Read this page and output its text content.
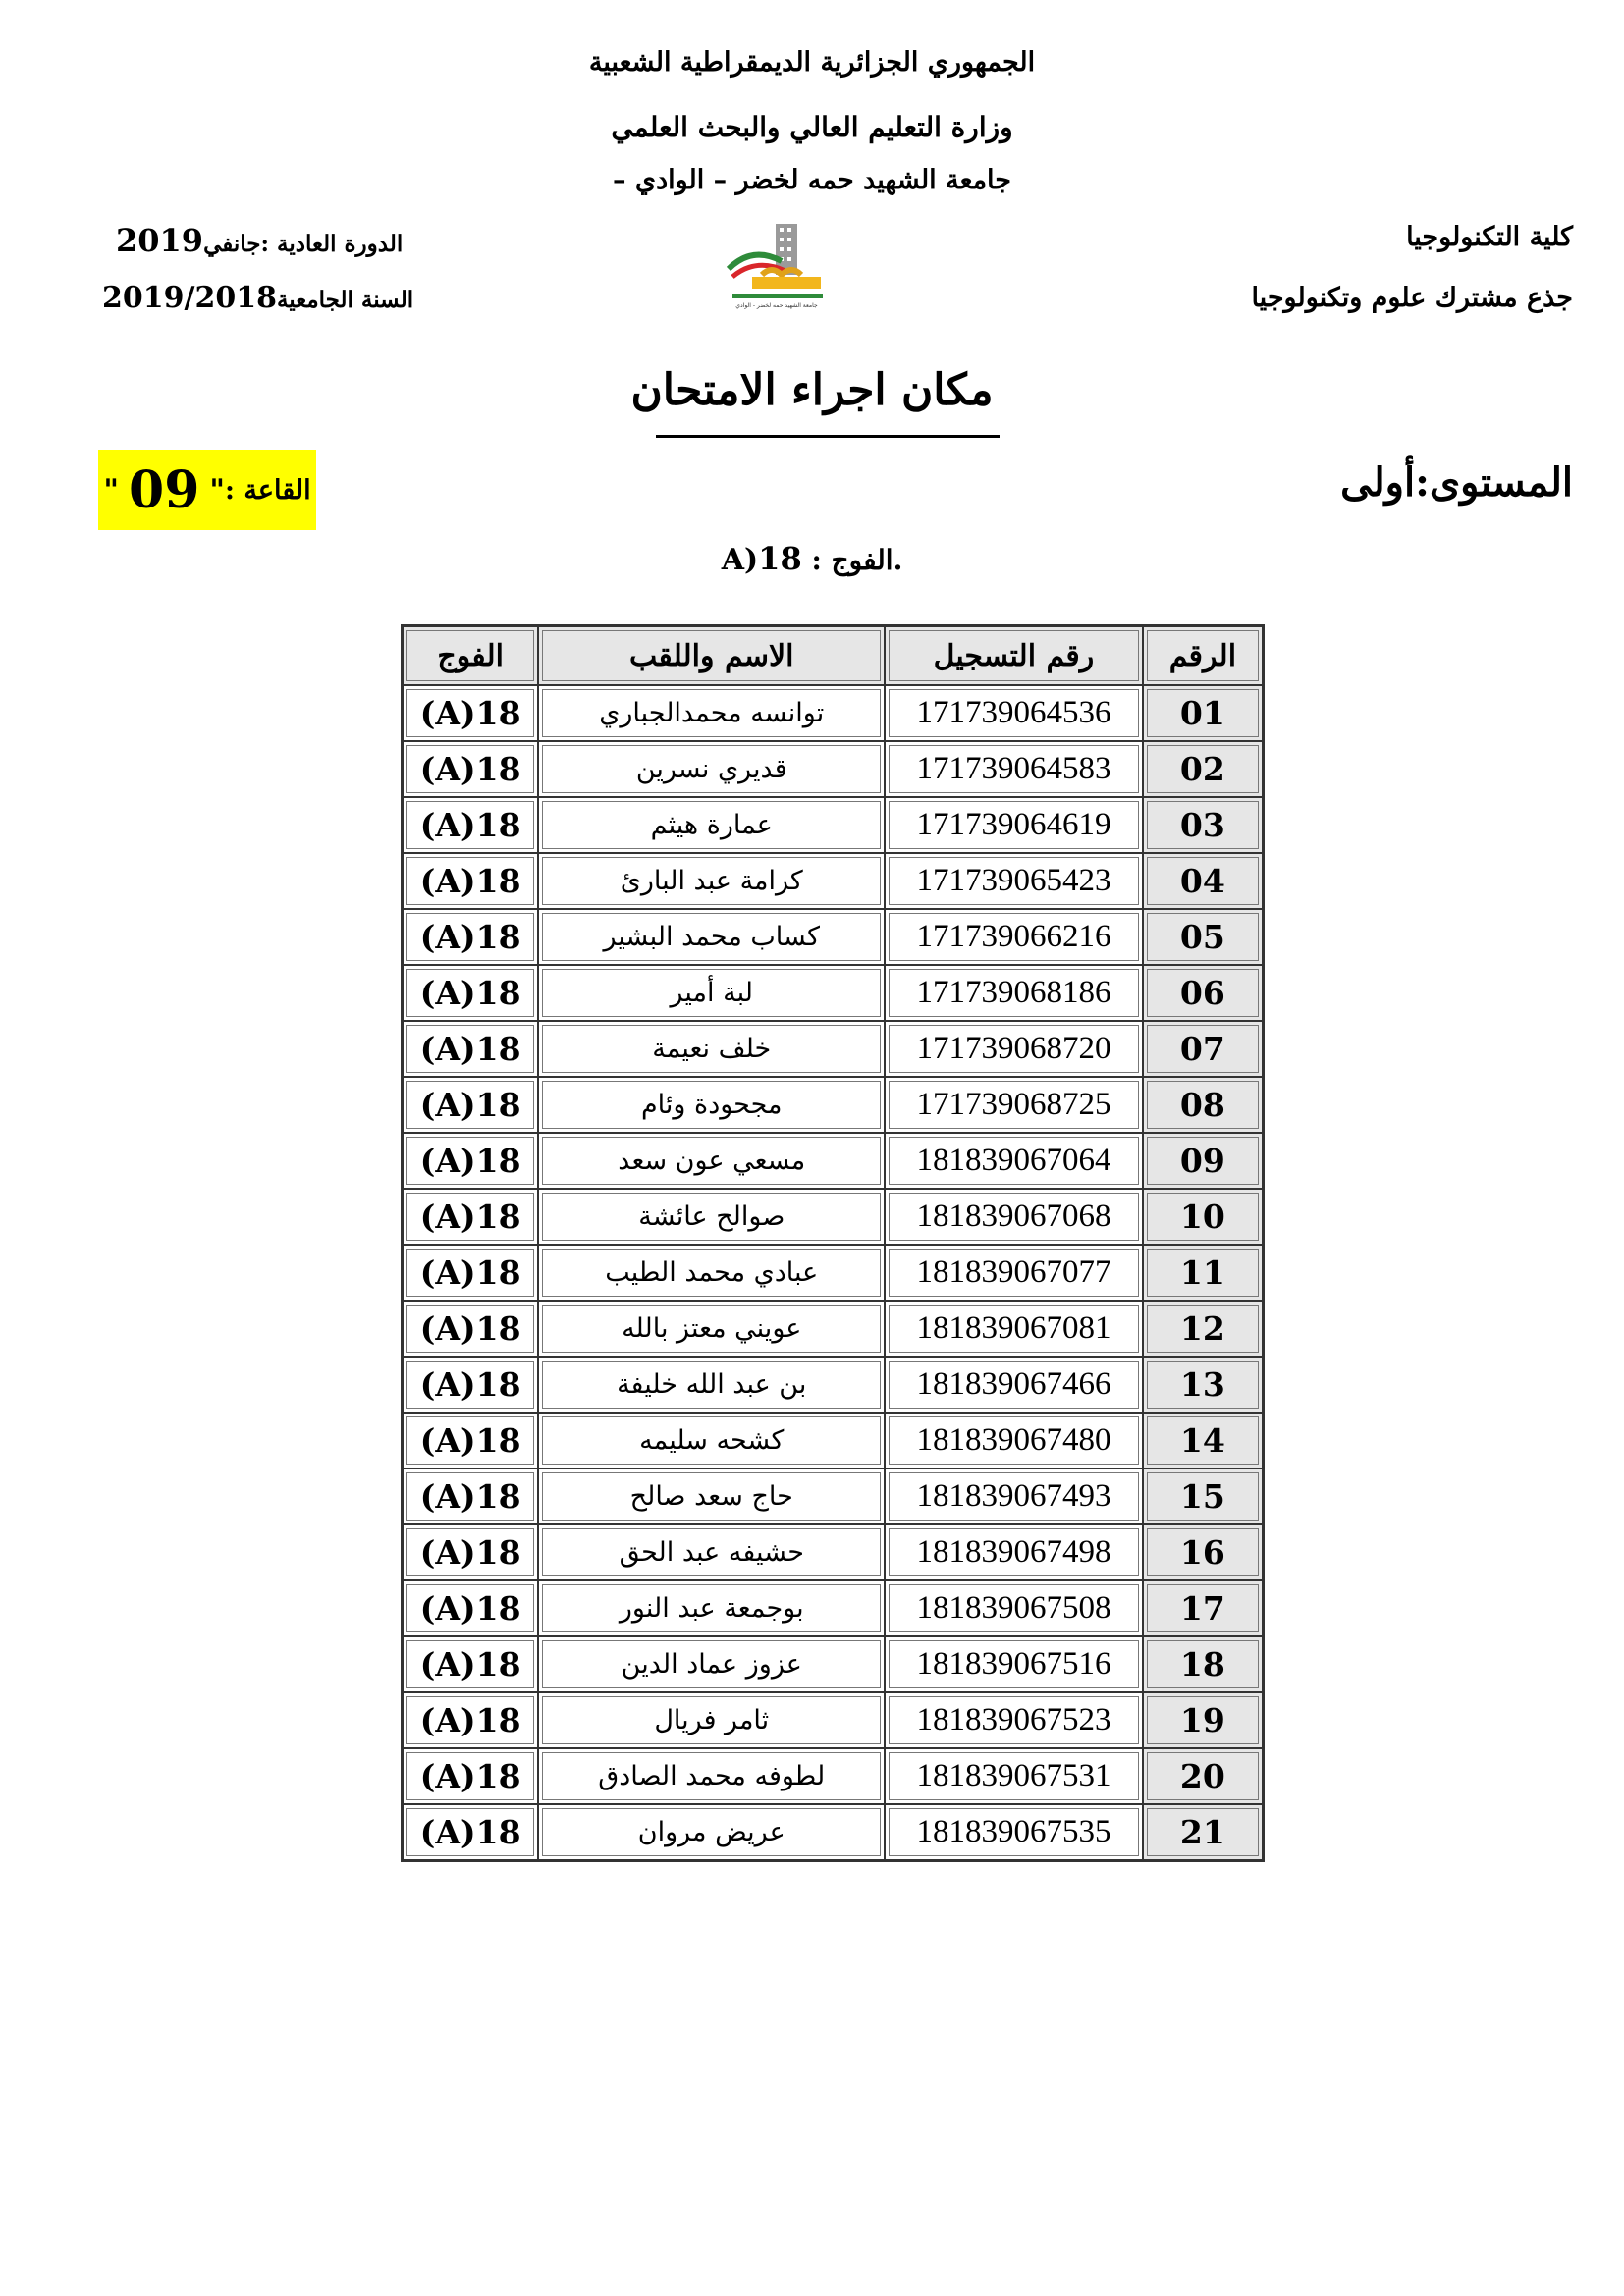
الجمهوري الجزائرية الديمقراطية الشعبية
وزارة التعليم العالي والبحث العلمي
جامعة الشهيد حمه لخضر – الوادي –
كلية التكنولوجيا
جذع مشترك علوم وتكنولوجيا
الدورة العادية :جانفي2019
السنة الجامعية2019/2018	جامعة الشهيد حمه لخضر - الوادي
مكان اجراء الامتحان
المستوى:أولى
القاعة :
"
09
"
.الفوج : 18(A
الرقم	رقم التسجيل	الاسم واللقب	الفوج
01	171739064536	توانسه محمدالجباري	(A)18
02	171739064583	قديري نسرين	(A)18
03	171739064619	عمارة هيثم	(A)18
04	171739065423	كرامة عبد البارئ	(A)18
05	171739066216	كساب محمد البشير	(A)18
06	171739068186	لبة أمير	(A)18
07	171739068720	خلف نعيمة	(A)18
08	171739068725	مجحودة وئام	(A)18
09	181839067064	مسعي عون سعد	(A)18
10	181839067068	صوالح عائشة	(A)18
11	181839067077	عبادي محمد الطيب	(A)18
12	181839067081	عويني معتز بالله	(A)18
13	181839067466	بن عبد الله خليفة	(A)18
14	181839067480	كشحه سليمه	(A)18
15	181839067493	حاج سعد صالح	(A)18
16	181839067498	حشيفه عبد الحق	(A)18
17	181839067508	بوجمعة عبد النور	(A)18
18	181839067516	عزوز عماد الدين	(A)18
19	181839067523	ثامر فريال	(A)18
20	181839067531	لطوفه محمد الصادق	(A)18
21	181839067535	عريض مروان	(A)18
